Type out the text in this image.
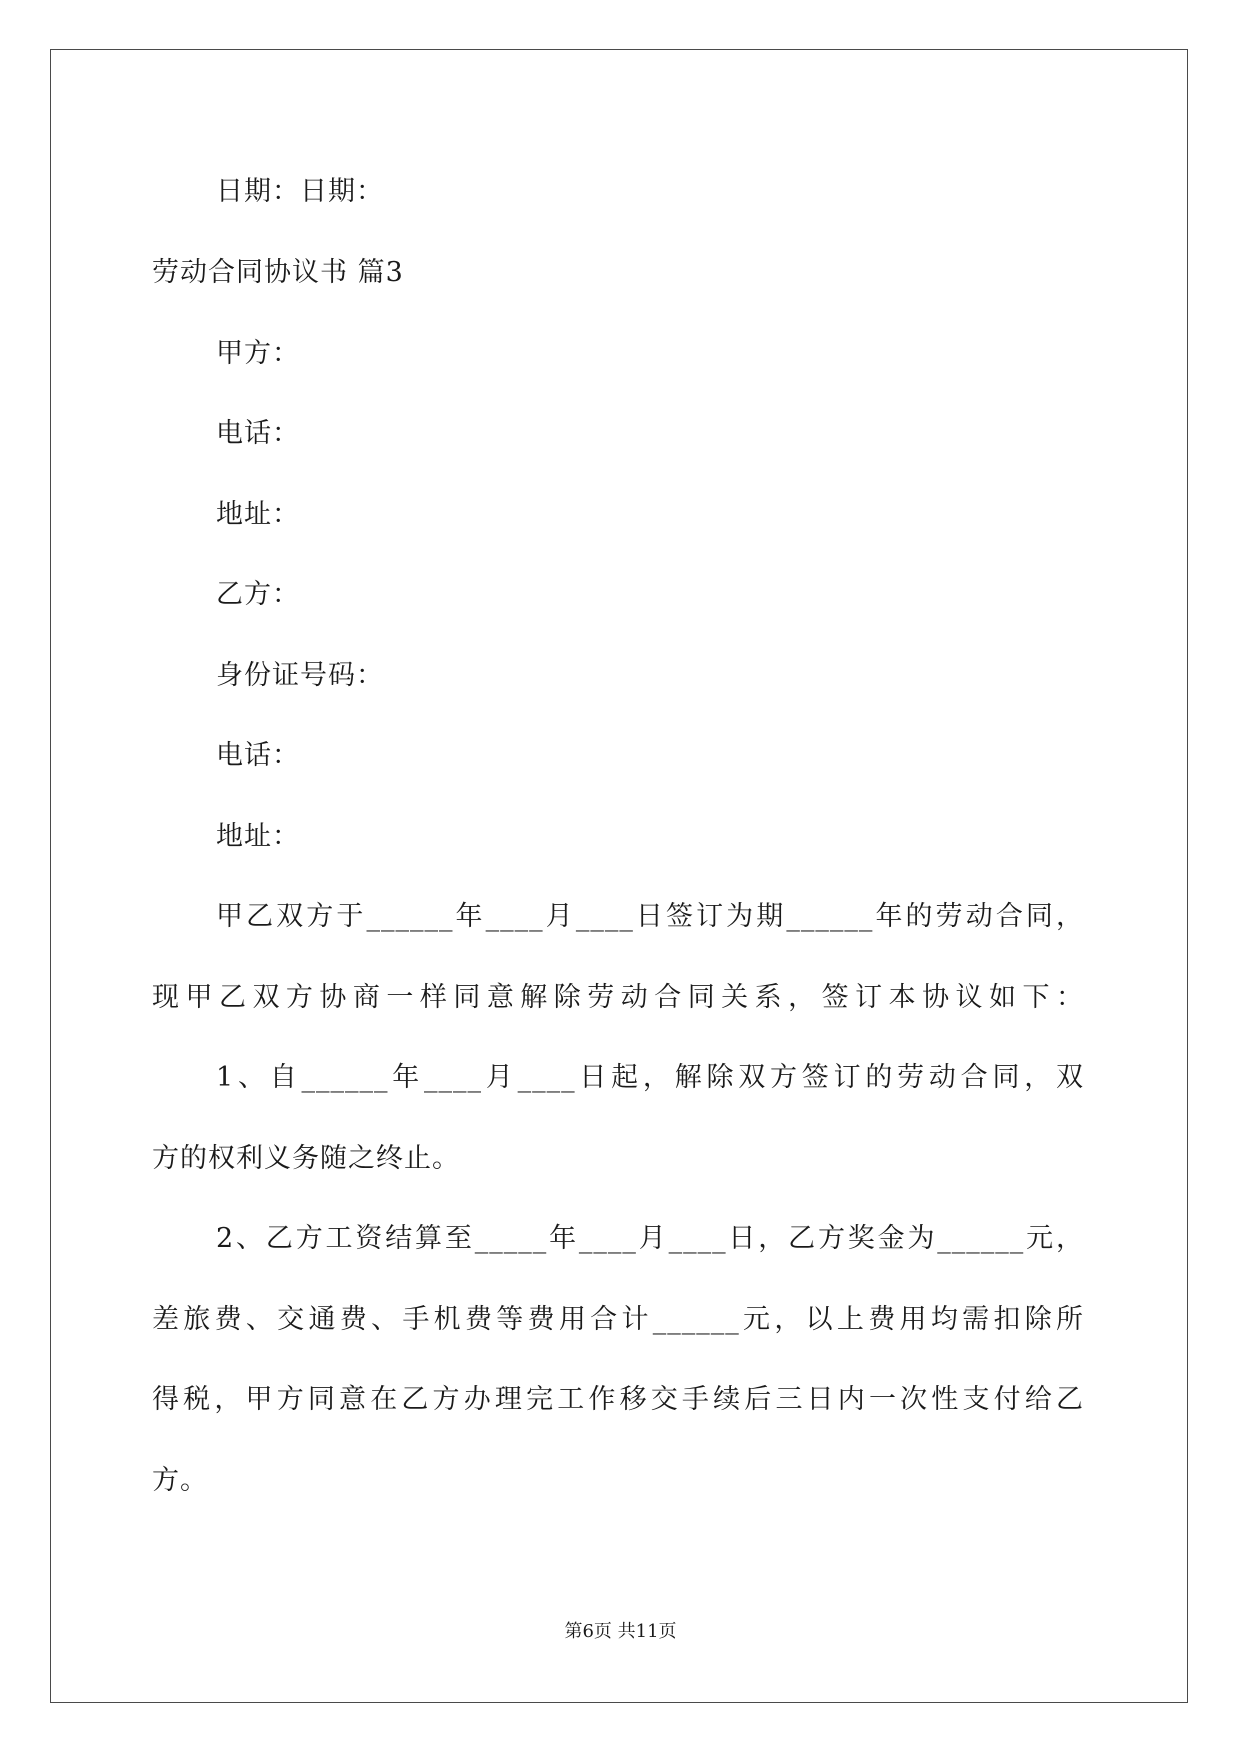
日期：日期：
劳动合同协议书 篇3
甲方：
电话：
地址：
乙方：
身份证号码：
电话：
地址：
甲乙双方于______年____月____日签订为期______年的劳动合同，
现甲乙双方协商一样同意解除劳动合同关系，签订本协议如下：
1、自______年____月____日起，解除双方签订的劳动合同，双
方的权利义务随之终止。
2、乙方工资结算至_____年____月____日，乙方奖金为______元，
差旅费、交通费、手机费等费用合计______元，以上费用均需扣除所
得税，甲方同意在乙方办理完工作移交手续后三日内一次性支付给乙
方。
第6页 共11页
